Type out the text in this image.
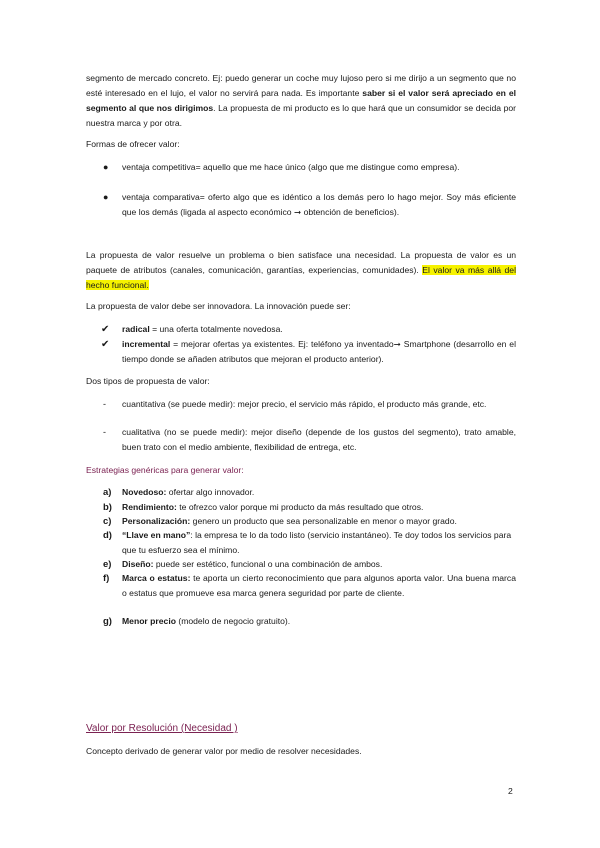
segmento de mercado concreto. Ej: puedo generar un coche muy lujoso pero si me dirijo a un segmento que no esté interesado en el lujo, el valor no servirá para nada. Es importante saber si el valor será apreciado en el segmento al que nos dirigimos. La propuesta de mi producto es lo que hará que un consumidor se decida por nuestra marca y por otra.
Formas de ofrecer valor:
● ventaja competitiva= aquello que me hace único (algo que me distingue como empresa).
● ventaja comparativa= oferto algo que es idéntico a los demás pero lo hago mejor. Soy más eficiente que los demás (ligada al aspecto económico ➞ obtención de beneficios).
La propuesta de valor resuelve un problema o bien satisface una necesidad. La propuesta de valor es un paquete de atributos (canales, comunicación, garantías, experiencias, comunidades). El valor va más allá del hecho funcional.
La propuesta de valor debe ser innovadora. La innovación puede ser:
✔ radical = una oferta totalmente novedosa.
✔ incremental = mejorar ofertas ya existentes. Ej: teléfono ya inventado➞ Smartphone (desarrollo en el tiempo donde se añaden atributos que mejoran el producto anterior).
Dos tipos de propuesta de valor:
- cuantitativa (se puede medir): mejor precio, el servicio más rápido, el producto más grande, etc.
- cualitativa (no se puede medir): mejor diseño (depende de los gustos del segmento), trato amable, buen trato con el medio ambiente, flexibilidad de entrega, etc.
Estrategias genéricas para generar valor:
a) Novedoso: ofertar algo innovador.
b) Rendimiento: te ofrezco valor porque mi producto da más resultado que otros.
c) Personalización: genero un producto que sea personalizable en menor o mayor grado.
d) “Llave en mano”: la empresa te lo da todo listo (servicio instantáneo). Te doy todos los servicios para que tu esfuerzo sea el mínimo.
e) Diseño: puede ser estético, funcional o una combinación de ambos.
f) Marca o estatus: te aporta un cierto reconocimiento que para algunos aporta valor. Una buena marca o estatus que promueve esa marca genera seguridad por parte de cliente.
g) Menor precio (modelo de negocio gratuito).
Valor por Resolución (Necesidad )
Concepto derivado de generar valor por medio de resolver necesidades.
2
